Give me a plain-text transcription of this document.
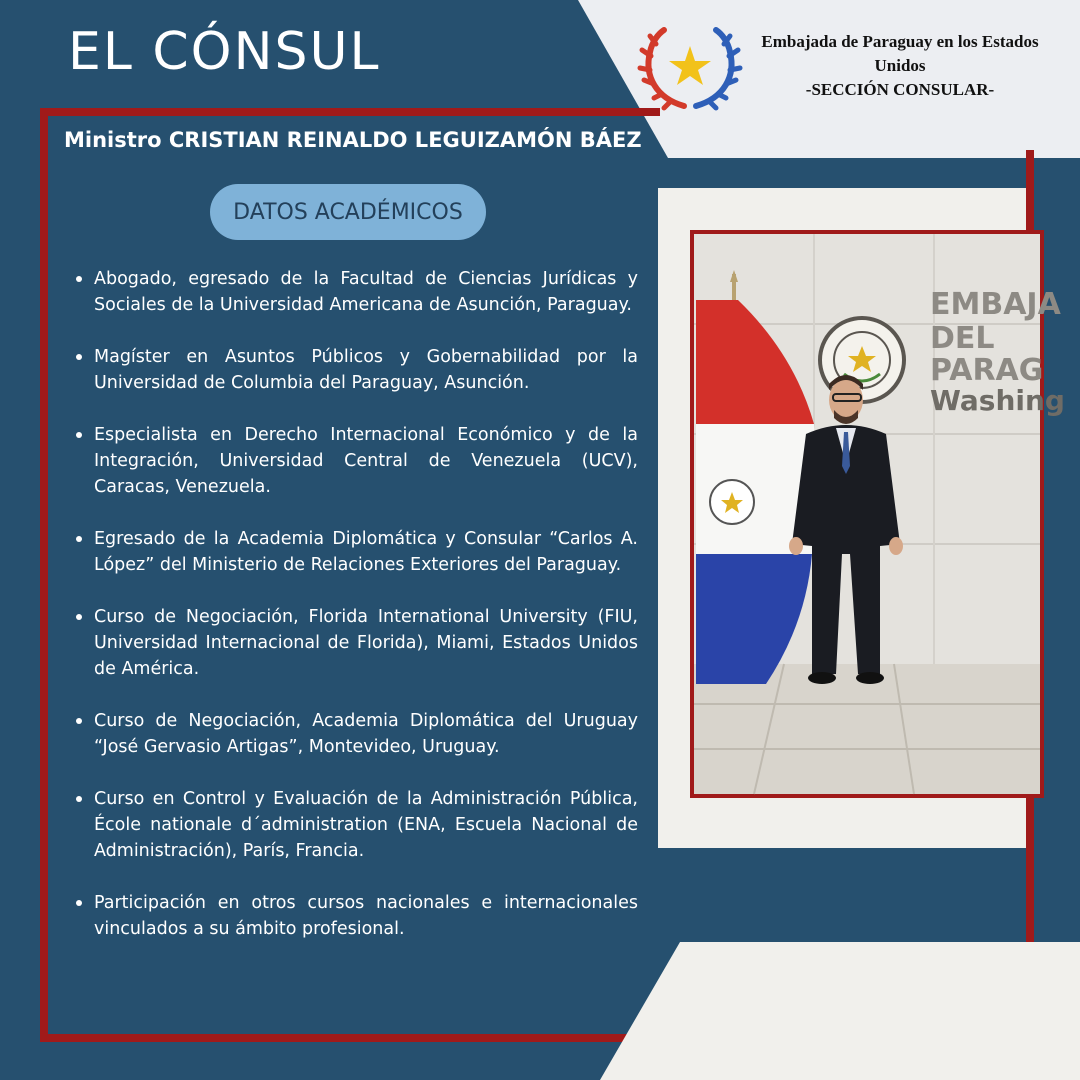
EL CÓNSUL	Embajada de Paraguay en los Estados Unidos
-SECCIÓN CONSULAR-

Ministro CRISTIAN REINALDO LEGUIZAMÓN BÁEZ
DATOS ACADÉMICOS
Abogado, egresado de la Facultad de Ciencias Jurídicas y Sociales de la Universidad Americana de Asunción, Paraguay.
Magíster en Asuntos Públicos y Gobernabilidad por la Universidad de Columbia del Paraguay, Asunción.
Especialista en Derecho Internacional Económico y de la Integración, Universidad Central de Venezuela (UCV), Caracas, Venezuela.
Egresado de la Academia Diplomática y Consular “Carlos A. López” del Ministerio de Relaciones Exteriores del Paraguay.
Curso de Negociación, Florida International University (FIU, Universidad Internacional de Florida), Miami, Estados Unidos de América.
Curso de Negociación, Academia Diplomática del Uruguay “José Gervasio Artigas”, Montevideo, Uruguay.
Curso en Control y Evaluación de la Administración Pública, École nationale d´administration (ENA, Escuela Nacional de Administración), París, Francia.
Participación en otros cursos nacionales e internacionales vinculados a su ámbito profesional.
EMBAJA
DEL
PARAG
Washing
